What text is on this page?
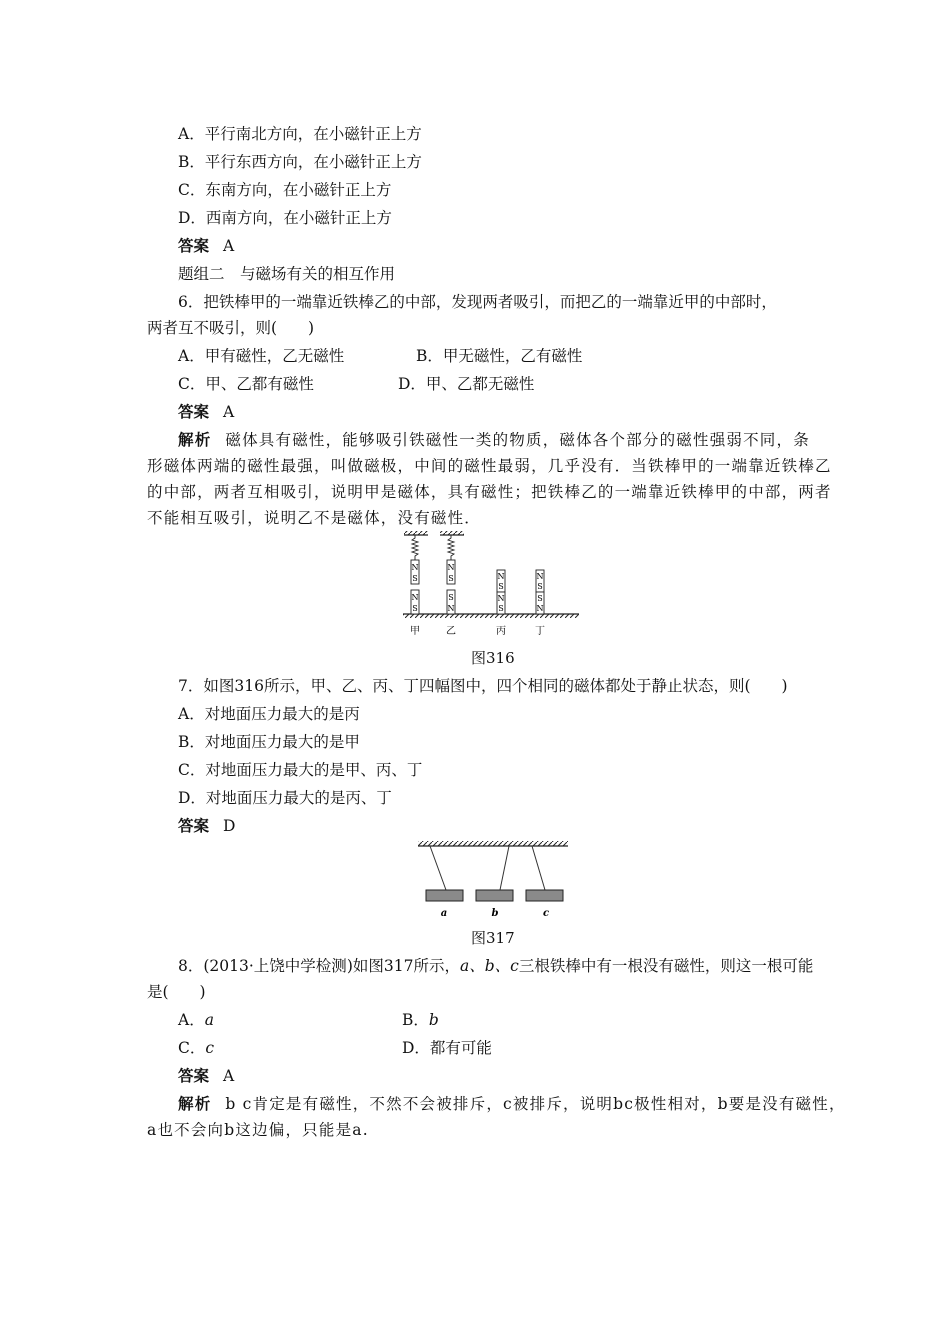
A．平行南北方向，在小磁针正上方
B．平行东西方向，在小磁针正上方
C．东南方向，在小磁针正上方
D．西南方向，在小磁针正上方
答案 A
题组二　与磁场有关的相互作用
6．把铁棒甲的一端靠近铁棒乙的中部，发现两者吸引，而把乙的一端靠近甲的中部时，
两者互不吸引，则(　　)
A．甲有磁性，乙无磁性	B．甲无磁性，乙有磁性
C．甲、乙都有磁性	D．甲、乙都无磁性
答案 A
解析 磁体具有磁性，能够吸引铁磁性一类的物质，磁体各个部分的磁性强弱不同，条
形磁体两端的磁性最强，叫做磁极，中间的磁性最弱，几乎没有．当铁棒甲的一端靠近铁棒乙
的中部，两者互相吸引，说明甲是磁体，具有磁性；把铁棒乙的一端靠近铁棒甲的中部，两者
不能相互吸引，说明乙不是磁体，没有磁性．
N
S
N
S
N
S
S
N
N
S
N
S
N
S
S
N
甲	乙	丙	丁
图316
7．如图316所示，甲、乙、丙、丁四幅图中，四个相同的磁体都处于静止状态，则(　　)
A．对地面压力最大的是丙
B．对地面压力最大的是甲
C．对地面压力最大的是甲、丙、丁
D．对地面压力最大的是丙、丁
答案 D
a	b	c
图317
8．(2013·上饶中学检测)如图317所示，a、b、c三根铁棒中有一根没有磁性，则这一根可能
是(　　)
A．a	B．b
C．c	D．都有可能
答案 A
解析 b c肯定是有磁性，不然不会被排斥，c被排斥，说明bc极性相对，b要是没有磁性，
a也不会向b这边偏，只能是a.
